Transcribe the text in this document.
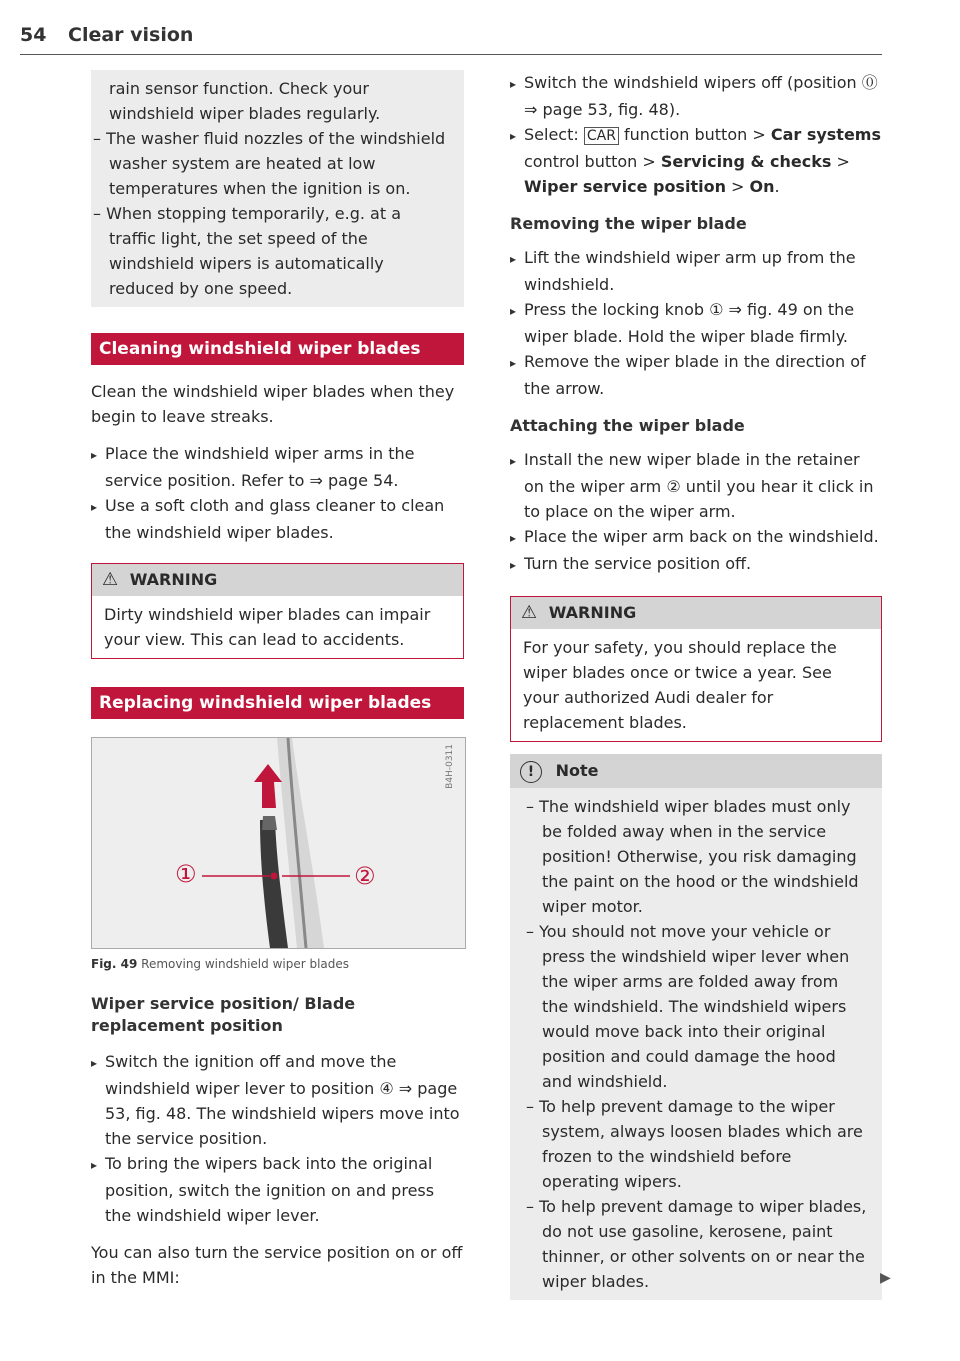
54 Clear vision

rain sensor function. Check your windshield wiper blades regularly.

– The washer fluid nozzles of the windshield washer system are heated at low temperatures when the ignition is on.

– When stopping temporarily, e.g. at a traffic light, the set speed of the windshield wipers is automatically reduced by one speed.

Cleaning windshield wiper blades

Clean the windshield wiper blades when they begin to leave streaks.

▸ Place the windshield wiper arms in the service position. Refer to ⇒ page 54.

▸ Use a soft cloth and glass cleaner to clean the windshield wiper blades.

⚠ WARNING

Dirty windshield wiper blades can impair your view. This can lead to accidents.

Replacing windshield wiper blades

①	②
B4H-0311

Fig. 49 Removing windshield wiper blades

Wiper service position/ Blade replacement position

▸ Switch the ignition off and move the windshield wiper lever to position ④ ⇒ page 53, fig. 48. The windshield wipers move into the service position.

▸ To bring the wipers back into the original position, switch the ignition on and press the windshield wiper lever.

You can also turn the service position on or off in the MMI:

▸ Switch the windshield wipers off (position ⓪ ⇒ page 53, fig. 48).

▸ Select: CAR function button > Car systems control button > Servicing & checks > Wiper service position > On.

Removing the wiper blade

▸ Lift the windshield wiper arm up from the windshield.

▸ Press the locking knob ① ⇒ fig. 49 on the wiper blade. Hold the wiper blade firmly.

▸ Remove the wiper blade in the direction of the arrow.

Attaching the wiper blade

▸ Install the new wiper blade in the retainer on the wiper arm ② until you hear it click in to place on the wiper arm.

▸ Place the wiper arm back on the windshield.

▸ Turn the service position off.

⚠ WARNING

For your safety, you should replace the wiper blades once or twice a year. See your authorized Audi dealer for replacement blades.

! Note

– The windshield wiper blades must only be folded away when in the service position! Otherwise, you risk damaging the paint on the hood or the windshield wiper motor.

– You should not move your vehicle or press the windshield wiper lever when the wiper arms are folded away from the windshield. The windshield wipers would move back into their original position and could damage the hood and windshield.

– To help prevent damage to the wiper system, always loosen blades which are frozen to the windshield before operating wipers.

– To help prevent damage to wiper blades, do not use gasoline, kerosene, paint thinner, or other solvents on or near the wiper blades.	▶
